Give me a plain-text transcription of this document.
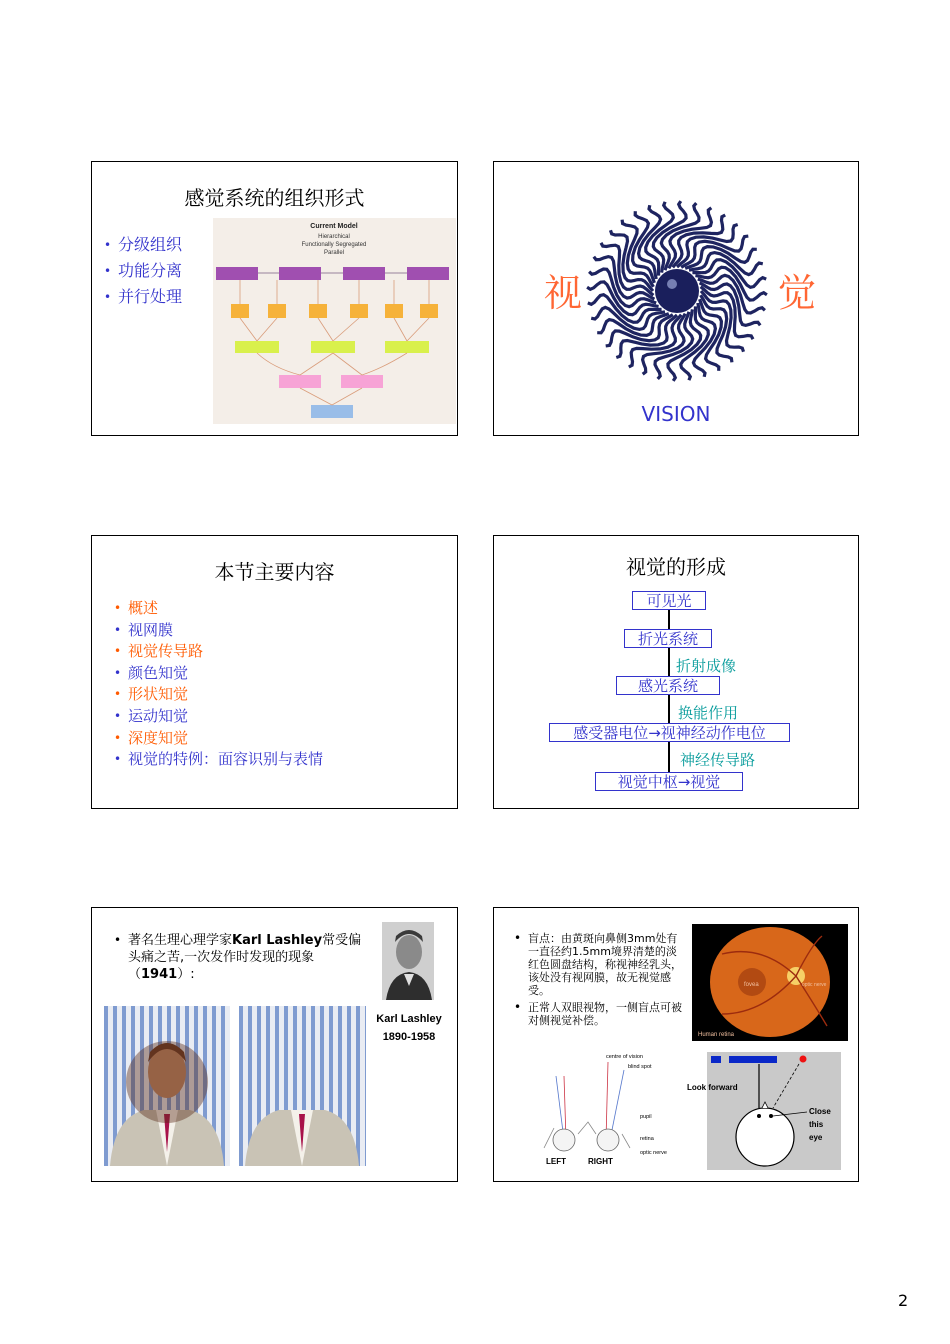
感觉系统的组织形式
• 分级组织
• 功能分离
• 并行处理
Current Model
Hierarchical
Functionally Segregated
Parallel
视	觉
VISION
本节主要内容
• 概述
• 视网膜
• 视觉传导路
• 颜色知觉
• 形状知觉
• 运动知觉
• 深度知觉
• 视觉的特例：面容识别与表情
视觉的形成
可见光
折光系统
折射成像
感光系统
换能作用
感受器电位→视神经动作电位
神经传导路
视觉中枢→视觉
• 著名生理心理学家Karl Lashley常受偏头痛之苦,一次发作时发现的现象（1941）:
Karl Lashley
1890-1958
• 盲点：由黄斑向鼻侧3mm处有一直径约1.5mm境界清楚的淡红色圆盘结构，称视神经乳头，该处没有视网膜，故无视觉感受。
• 正常人双眼视物，一侧盲点可被对侧视觉补偿。
fovea	optic nerve
Human retina
centre of vision
blind spot
pupil
retina
optic nerve
LEFT	RIGHT
Look forward
Close
this
eye
2
